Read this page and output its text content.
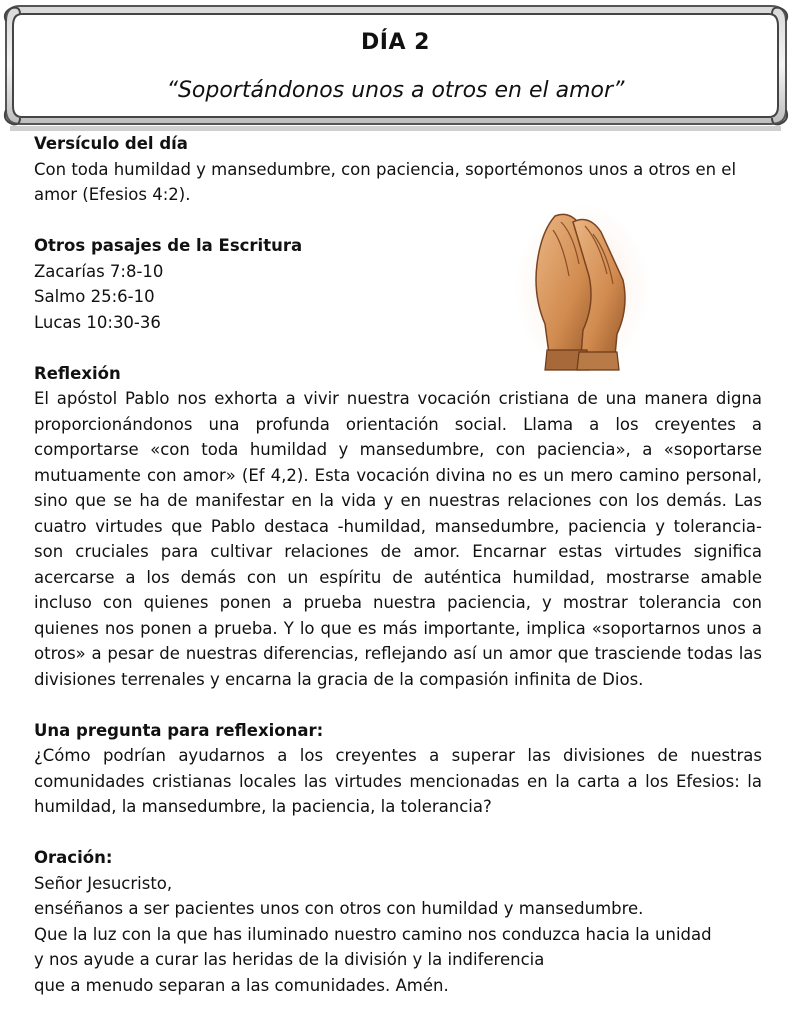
DÍA 2
“Soportándonos unos a otros en el amor”

Versículo del día

Con toda humildad y mansedumbre, con paciencia, soportémonos unos a otros en el amor (Efesios 4:2).

Otros pasajes de la Escritura

Zacarías 7:8-10

Salmo 25:6-10

Lucas 10:30-36

Reflexión

El apóstol Pablo nos exhorta a vivir nuestra vocación cristiana de una manera digna proporcionándonos una profunda orientación social. Llama a los creyentes a comportarse «con toda humildad y mansedumbre, con paciencia», a «soportarse mutuamente con amor» (Ef 4,2). Esta vocación divina no es un mero camino personal, sino que se ha de manifestar en la vida y en nuestras relaciones con los demás. Las cuatro virtudes que Pablo destaca -humildad, mansedumbre, paciencia y tolerancia- son cruciales para cultivar relaciones de amor. Encarnar estas virtudes significa acercarse a los demás con un espíritu de auténtica humildad, mostrarse amable incluso con quienes ponen a prueba nuestra paciencia, y mostrar tolerancia con quienes nos ponen a prueba. Y lo que es más importante, implica «soportarnos unos a otros» a pesar de nuestras diferencias, reflejando así un amor que trasciende todas las divisiones terrenales y encarna la gracia de la compasión infinita de Dios.

Una pregunta para reflexionar:

¿Cómo podrían ayudarnos a los creyentes a superar las divisiones de nuestras comunidades cristianas locales las virtudes mencionadas en la carta a los Efesios: la humildad, la mansedumbre, la paciencia, la tolerancia?

Oración:

Señor Jesucristo,

enséñanos a ser pacientes unos con otros con humildad y mansedumbre.

Que la luz con la que has iluminado nuestro camino nos conduzca hacia la unidad

y nos ayude a curar las heridas de la división y la indiferencia

que a menudo separan a las comunidades. Amén.
